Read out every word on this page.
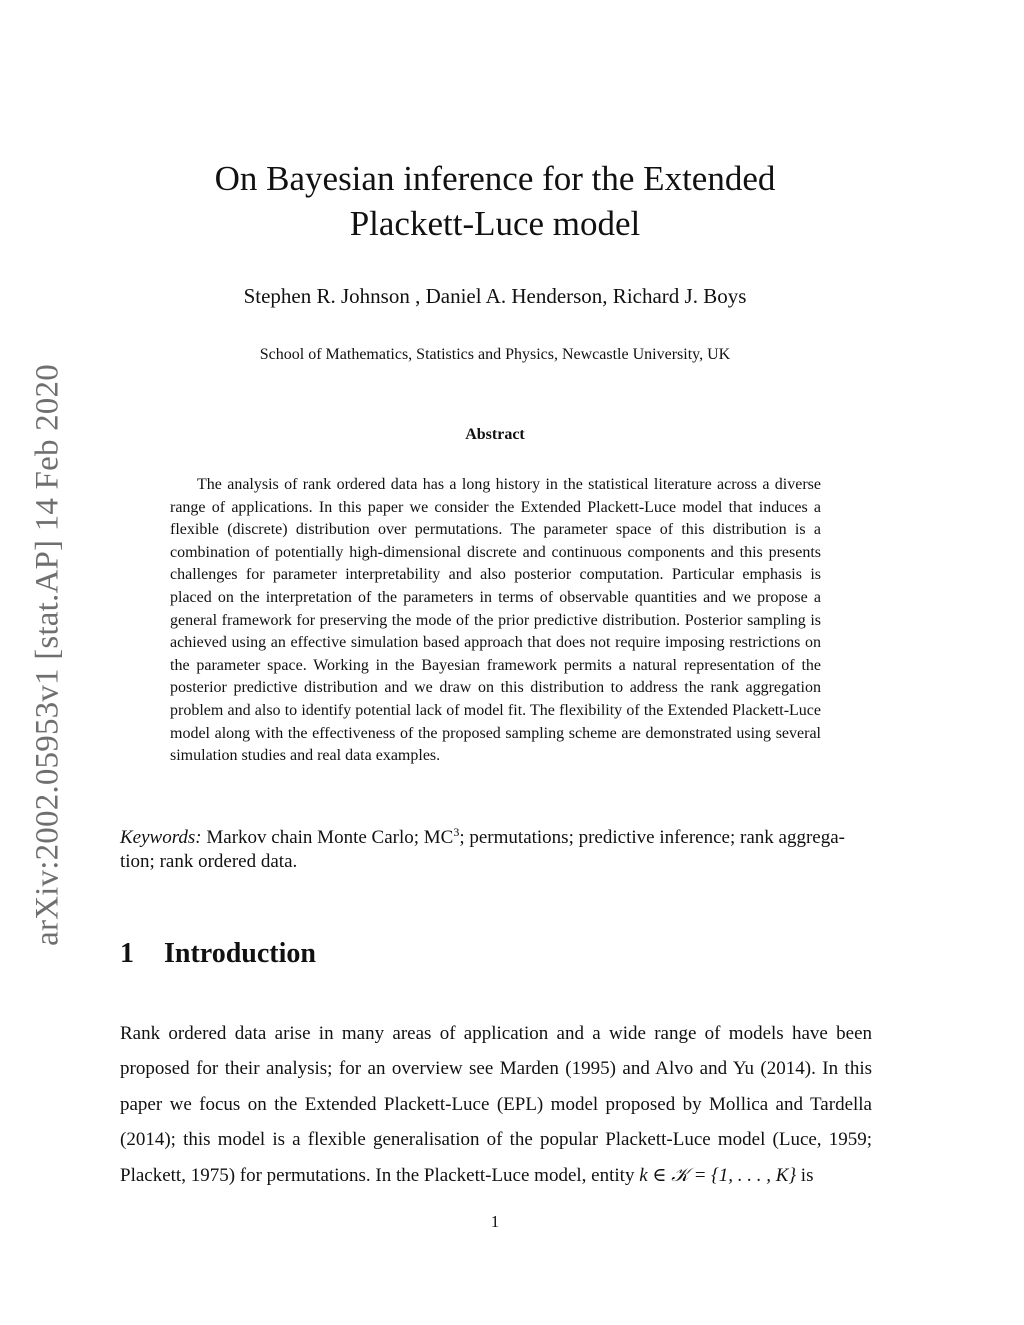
arXiv:2002.05953v1 [stat.AP] 14 Feb 2020
On Bayesian inference for the Extended
Plackett-Luce model
Stephen R. Johnson , Daniel A. Henderson, Richard J. Boys
School of Mathematics, Statistics and Physics, Newcastle University, UK
Abstract
The analysis of rank ordered data has a long history in the statistical literature across a diverse range of applications. In this paper we consider the Extended Plackett-Luce model that induces a flexible (discrete) distribution over permutations. The parameter space of this distribution is a combination of potentially high-dimensional discrete and continuous components and this presents challenges for parameter interpretability and also posterior computation. Particular emphasis is placed on the interpretation of the parameters in terms of observable quantities and we propose a general framework for preserving the mode of the prior predictive distribution. Posterior sampling is achieved using an effective simulation based approach that does not require imposing restrictions on the parameter space. Working in the Bayesian framework permits a natural representation of the posterior predictive distribution and we draw on this distribution to address the rank aggregation problem and also to identify potential lack of model fit. The flexibility of the Extended Plackett-Luce model along with the effectiveness of the proposed sampling scheme are demonstrated using several simulation studies and real data examples.
Keywords: Markov chain Monte Carlo; $MC^3$; permutations; predictive inference; rank aggrega-tion; rank ordered data.
1 Introduction
Rank ordered data arise in many areas of application and a wide range of models have been proposed for their analysis; for an overview see Marden (1995) and Alvo and Yu (2014). In this paper we focus on the Extended Plackett-Luce (EPL) model proposed by Mollica and Tardella (2014); this model is a flexible generalisation of the popular Plackett-Luce model (Luce, 1959; Plackett, 1975) for permutations. In the Plackett-Luce model, entity k ∈ 𝒦 = {1, . . . , K} is
1
